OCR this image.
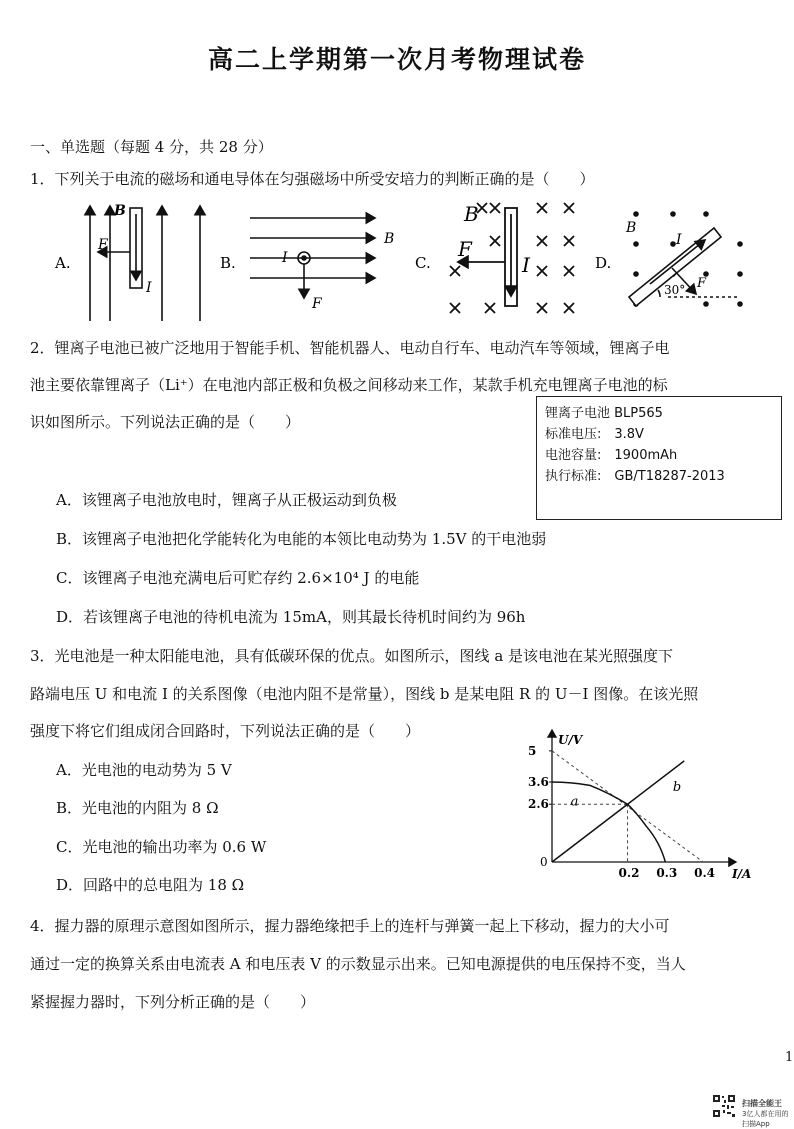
高二上学期第一次月考物理试卷
一、单选题（每题 4 分，共 28 分）
1．下列关于电流的磁场和通电导体在匀强磁场中所受安培力的判断正确的是（　　）
A.
B
F
I
B.
B
I
F
C.
B
F
I	D.
B
I
F
30°
2．锂离子电池已被广泛地用于智能手机、智能机器人、电动自行车、电动汽车等领域，锂离子电
池主要依靠锂离子（Li⁺）在电池内部正极和负极之间移动来工作，某款手机充电锂离子电池的标
识如图所示。下列说法正确的是（　　）	锂离子电池 BLP565
标准电压:　3.8V
电池容量:　1900mAh
执行标准:　GB/T18287-2013
A．该锂离子电池放电时，锂离子从正极运动到负极
B．该锂离子电池把化学能转化为电能的本领比电动势为 1.5V 的干电池弱
C．该锂离子电池充满电后可贮存约 2.6×10⁴ J 的电能
D．若该锂离子电池的待机电流为 15mA，则其最长待机时间约为 96h
3．光电池是一种太阳能电池，具有低碳环保的优点。如图所示，图线 a 是该电池在某光照强度下
路端电压 U 和电流 I 的关系图像（电池内阻不是常量），图线 b 是某电阻 R 的 U－I 图像。在该光照
强度下将它们组成闭合回路时，下列说法正确的是（　　）
A．光电池的电动势为 5 V
B．光电池的内阻为 8 Ω
C．光电池的输出功率为 0.6 W
D．回路中的总电阻为 18 Ω
U/V
I/A
0
0.2 0.3 0.4
5
3.6
2.6 a
b
4．握力器的原理示意图如图所示，握力器绝缘把手上的连杆与弹簧一起上下移动，握力的大小可
通过一定的换算关系由电流表 A 和电压表 V 的示数显示出来。已知电源提供的电压保持不变，当人
紧握握力器时，下列分析正确的是（　　）
1
扫描全能王
3亿人都在用的扫描App
